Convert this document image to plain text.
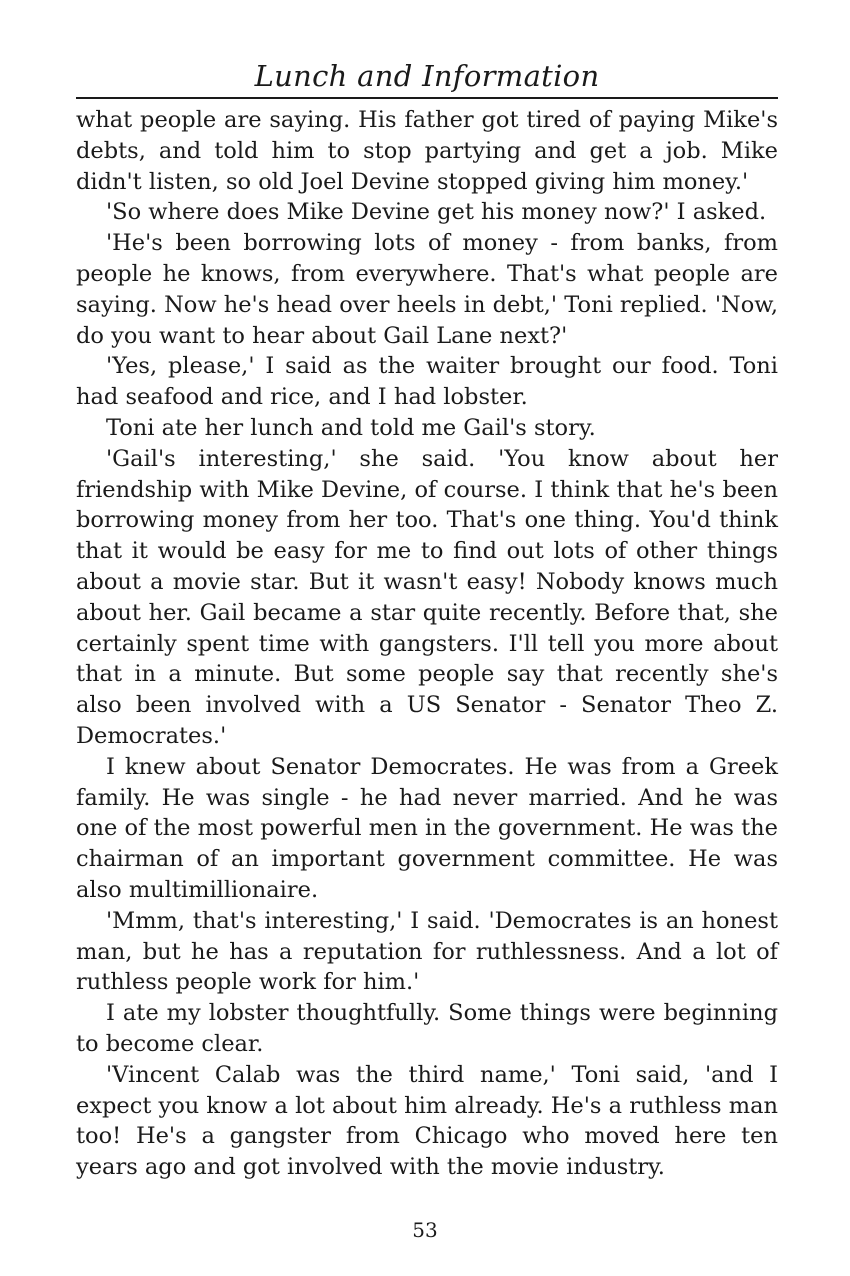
Lunch and Information

what people are saying. His father got tired of paying Mike's debts, and told him to stop partying and get a job. Mike didn't listen, so old Joel Devine stopped giving him money.'

'So where does Mike Devine get his money now?' I asked.

'He's been borrowing lots of money - from banks, from people he knows, from everywhere. That's what people are saying. Now he's head over heels in debt,' Toni replied. 'Now, do you want to hear about Gail Lane next?'

'Yes, please,' I said as the waiter brought our food. Toni had seafood and rice, and I had lobster.

Toni ate her lunch and told me Gail's story.

'Gail's interesting,' she said. 'You know about her friendship with Mike Devine, of course. I think that he's been borrowing money from her too. That's one thing. You'd think that it would be easy for me to find out lots of other things about a movie star. But it wasn't easy! Nobody knows much about her. Gail became a star quite recently. Before that, she certainly spent time with gangsters. I'll tell you more about that in a minute. But some people say that recently she's also been involved with a US Senator - Senator Theo Z. Democrates.'

I knew about Senator Democrates. He was from a Greek family. He was single - he had never married. And he was one of the most powerful men in the government. He was the chairman of an important government committee. He was also multimillionaire.

'Mmm, that's interesting,' I said. 'Democrates is an honest man, but he has a reputation for ruthlessness. And a lot of ruthless people work for him.'

I ate my lobster thoughtfully. Some things were beginning to become clear.

'Vincent Calab was the third name,' Toni said, 'and I expect you know a lot about him already. He's a ruthless man too! He's a gangster from Chicago who moved here ten years ago and got involved with the movie industry.

53
